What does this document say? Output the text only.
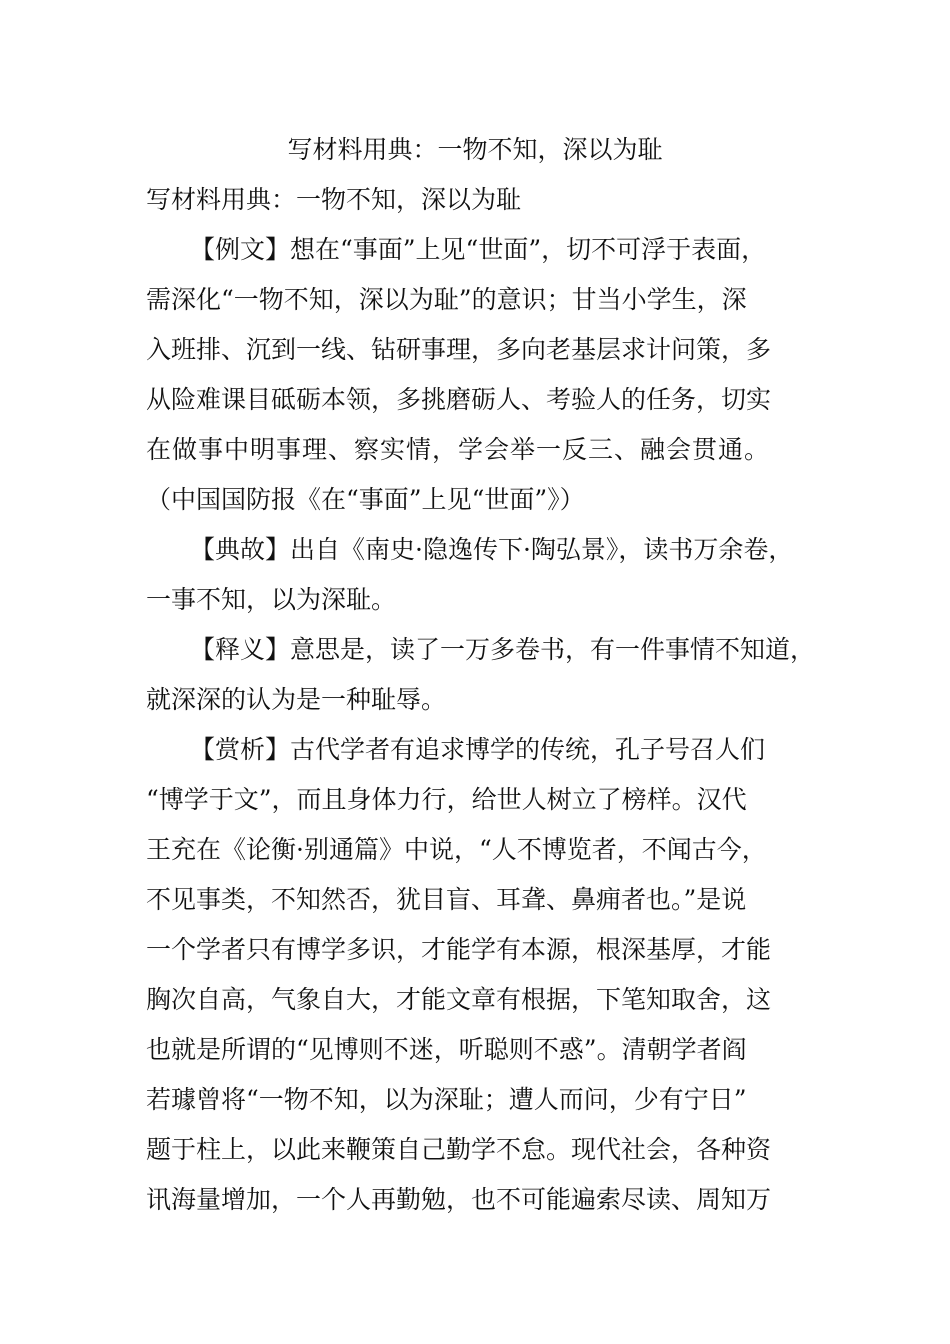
写材料用典：一物不知，深以为耻

写材料用典：一物不知，深以为耻

【例文】想在“事面”上见“世面”，切不可浮于表面，

需深化“一物不知，深以为耻”的意识；甘当小学生，深

入班排、沉到一线、钻研事理，多向老基层求计问策，多

从险难课目砥砺本领，多挑磨砺人、考验人的任务，切实

在做事中明事理、察实情，学会举一反三、融会贯通。

（中国国防报《在“事面”上见“世面”》）

【典故】出自《南史·隐逸传下·陶弘景》，读书万余卷，

一事不知，以为深耻。

【释义】意思是，读了一万多卷书，有一件事情不知道，

就深深的认为是一种耻辱。

【赏析】古代学者有追求博学的传统，孔子号召人们

“博学于文”，而且身体力行，给世人树立了榜样。汉代

王充在《论衡·别通篇》中说，“人不博览者，不闻古今，

不见事类，不知然否，犹目盲、耳聋、鼻痈者也。”是说

一个学者只有博学多识，才能学有本源，根深基厚，才能

胸次自高，气象自大，才能文章有根据，下笔知取舍，这

也就是所谓的“见博则不迷，听聪则不惑”。清朝学者阎

若璩曾将“一物不知，以为深耻；遭人而问，少有宁日”

题于柱上，以此来鞭策自己勤学不怠。现代社会，各种资

讯海量增加，一个人再勤勉，也不可能遍索尽读、周知万
